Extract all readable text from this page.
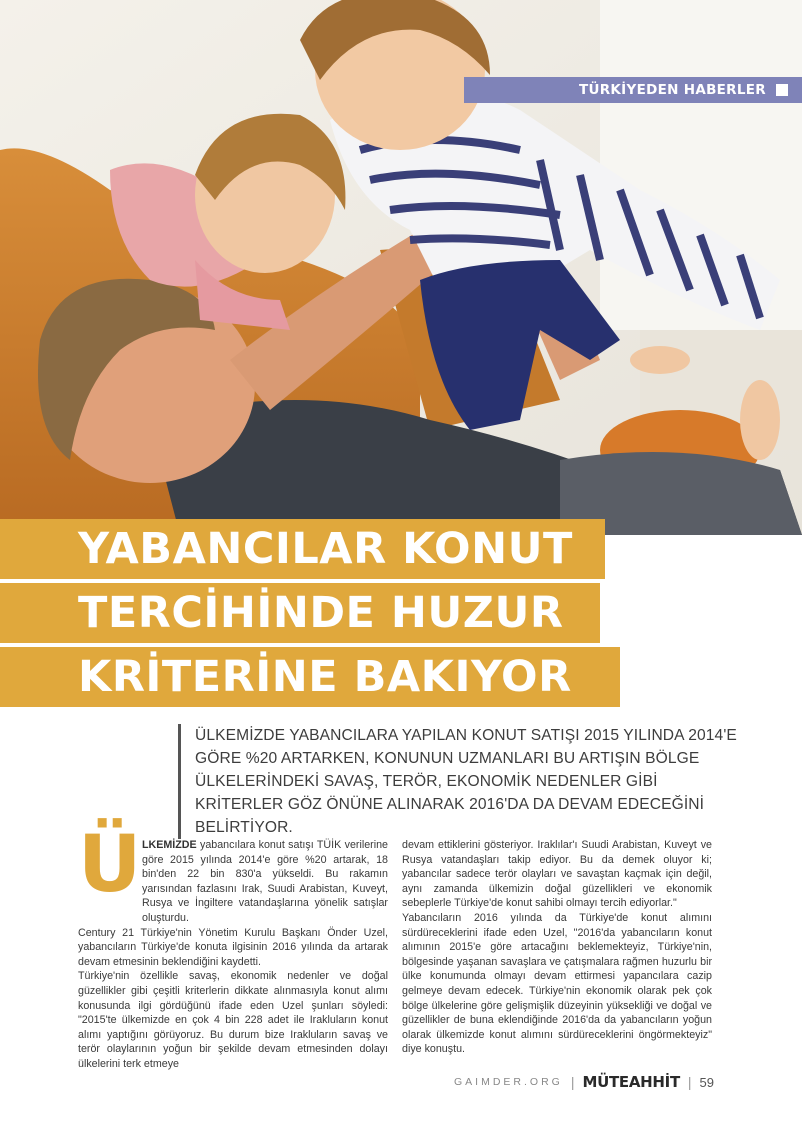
TÜRKİYEDEN HABERLER
YABANCILAR KONUT
TERCİHİNDE HUZUR
KRİTERİNE BAKIYOR
ÜLKEMİZDE YABANCILARA YAPILAN KONUT SATIŞI 2015 YILINDA 2014'E GÖRE %20 ARTARKEN, KONUNUN UZMANLARI BU ARTIŞIN BÖLGE ÜLKELERİNDEKİ SAVAŞ, TERÖR, EKONOMİK NEDENLER GİBİ KRİTERLER GÖZ ÖNÜNE ALINARAK 2016'DA DA DEVAM EDECEĞİNİ BELİRTİYOR.
Ü LKEMİZDE yabancılara konut satışı TÜİK verilerine göre 2015 yılında 2014'e göre %20 artarak, 18 bin'den 22 bin 830'a yükseldi. Bu rakamın yarısından fazlasını Irak, Suudi Arabistan, Kuveyt, Rusya ve İngiltere vatandaşlarına yönelik satışlar oluşturdu.

Century 21 Türkiye'nin Yönetim Kurulu Başkanı Önder Uzel, yabancıların Türkiye'de konuta ilgisinin 2016 yılında da artarak devam etmesinin beklendiğini kaydetti.

Türkiye'nin özellikle savaş, ekonomik nedenler ve doğal güzellikler gibi çeşitli kriterlerin dikkate alınmasıyla konut alımı konusunda ilgi gördüğünü ifade eden Uzel şunları söyledi: "2015'te ülkemizde en çok 4 bin 228 adet ile Irakluların konut alımı yaptığını görüyoruz. Bu durum bize Irakluların savaş ve terör olaylarının yoğun bir şekilde devam etmesinden dolayı ülkelerini terk etmeye

devam ettiklerini gösteriyor. Iraklılar'ı Suudi Arabistan, Kuveyt ve Rusya vatandaşları takip ediyor. Bu da demek oluyor ki; yabancılar sadece terör olayları ve savaştan kaçmak için değil, aynı zamanda ülkemizin doğal güzellikleri ve ekonomik sebeplerle Türkiye'de konut sahibi olmayı tercih ediyorlar."

Yabancıların 2016 yılında da Türkiye'de konut alımını sürdüreceklerini ifade eden Uzel, "2016'da yabancıların konut alımının 2015'e göre artacağını beklemekteyiz, Türkiye'nin, bölgesinde yaşanan savaşlara ve çatışmalara rağmen huzurlu bir ülke konumunda olmayı devam ettirmesi yapancılara cazip gelmeye devam edecek. Türkiye'nin ekonomik olarak pek çok bölge ülkelerine göre gelişmişlik düzeyinin yüksekliği ve doğal ve güzellikler de buna eklendiğinde 2016'da da yabancıların yoğun olarak ülkemizde konut alımını sürdüreceklerini öngörmekteyiz" diye konuştu.

GAIMDER.ORG | MÜTEAHHİT | 59
